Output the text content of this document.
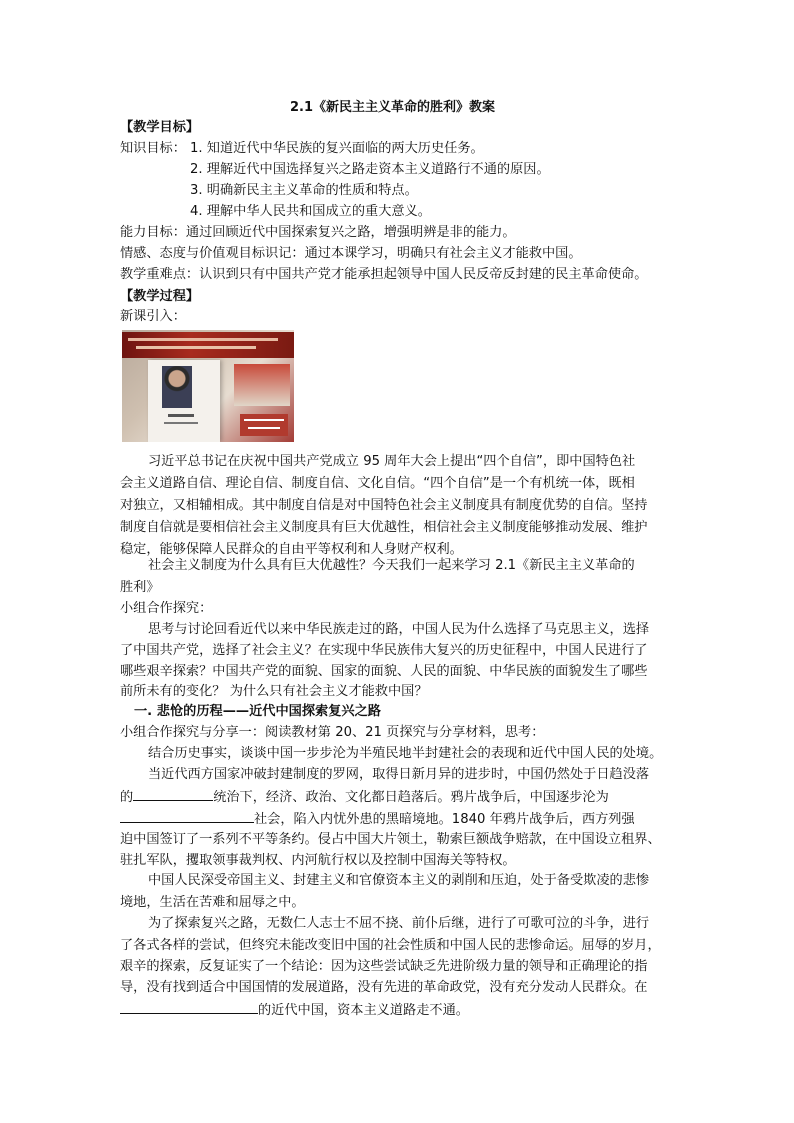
2.1《新民主主义革命的胜利》教案
【教学目标】
知识目标： 1. 知道近代中华民族的复兴面临的两大历史任务。
2. 理解近代中国选择复兴之路走资本主义道路行不通的原因。
3. 明确新民主主义革命的性质和特点。
4. 理解中华人民共和国成立的重大意义。
能力目标：通过回顾近代中国探索复兴之路，增强明辨是非的能力。
情感、态度与价值观目标识记：通过本课学习，明确只有社会主义才能救中国。
教学重难点：认识到只有中国共产党才能承担起领导中国人民反帝反封建的民主革命使命。
【教学过程】
新课引入：
习近平总书记在庆祝中国共产党成立 95 周年大会上提出“四个自信”，即中国特色社
会主义道路自信、理论自信、制度自信、文化自信。“四个自信”是一个有机统一体，既相
对独立，又相辅相成。其中制度自信是对中国特色社会主义制度具有制度优势的自信。坚持
制度自信就是要相信社会主义制度具有巨大优越性，相信社会主义制度能够推动发展、维护
稳定，能够保障人民群众的自由平等权利和人身财产权利。
社会主义制度为什么具有巨大优越性？今天我们一起来学习 2.1《新民主主义革命的
胜利》
小组合作探究：
思考与讨论回看近代以来中华民族走过的路，中国人民为什么选择了马克思主义，选择
了中国共产党，选择了社会主义？在实现中华民族伟大复兴的历史征程中，中国人民进行了
哪些艰辛探索？中国共产党的面貌、国家的面貌、人民的面貌、中华民族的面貌发生了哪些
前所未有的变化？ 为什么只有社会主义才能救中国？
一. 悲怆的历程——近代中国探索复兴之路
小组合作探究与分享一：阅读教材第 20、21 页探究与分享材料，思考：
结合历史事实，谈谈中国一步步沦为半殖民地半封建社会的表现和近代中国人民的处境。
当近代西方国家冲破封建制度的罗网，取得日新月异的进步时，中国仍然处于日趋没落
的	统治下，经济、政治、文化都日趋落后。鸦片战争后，中国逐步沦为
社会，陷入内忧外患的黑暗境地。1840 年鸦片战争后，西方列强
迫中国签订了一系列不平等条约。侵占中国大片领土，勒索巨额战争赔款，在中国设立租界、
驻扎军队，攫取领事裁判权、内河航行权以及控制中国海关等特权。
中国人民深受帝国主义、封建主义和官僚资本主义的剥削和压迫，处于备受欺凌的悲惨
境地，生活在苦难和屈辱之中。
为了探索复兴之路，无数仁人志士不屈不挠、前仆后继，进行了可歌可泣的斗争，进行
了各式各样的尝试，但终究未能改变旧中国的社会性质和中国人民的悲惨命运。屈辱的岁月，
艰辛的探索，反复证实了一个结论：因为这些尝试缺乏先进阶级力量的领导和正确理论的指
导，没有找到适合中国国情的发展道路，没有先进的革命政党，没有充分发动人民群众。在
的近代中国，资本主义道路走不通。
